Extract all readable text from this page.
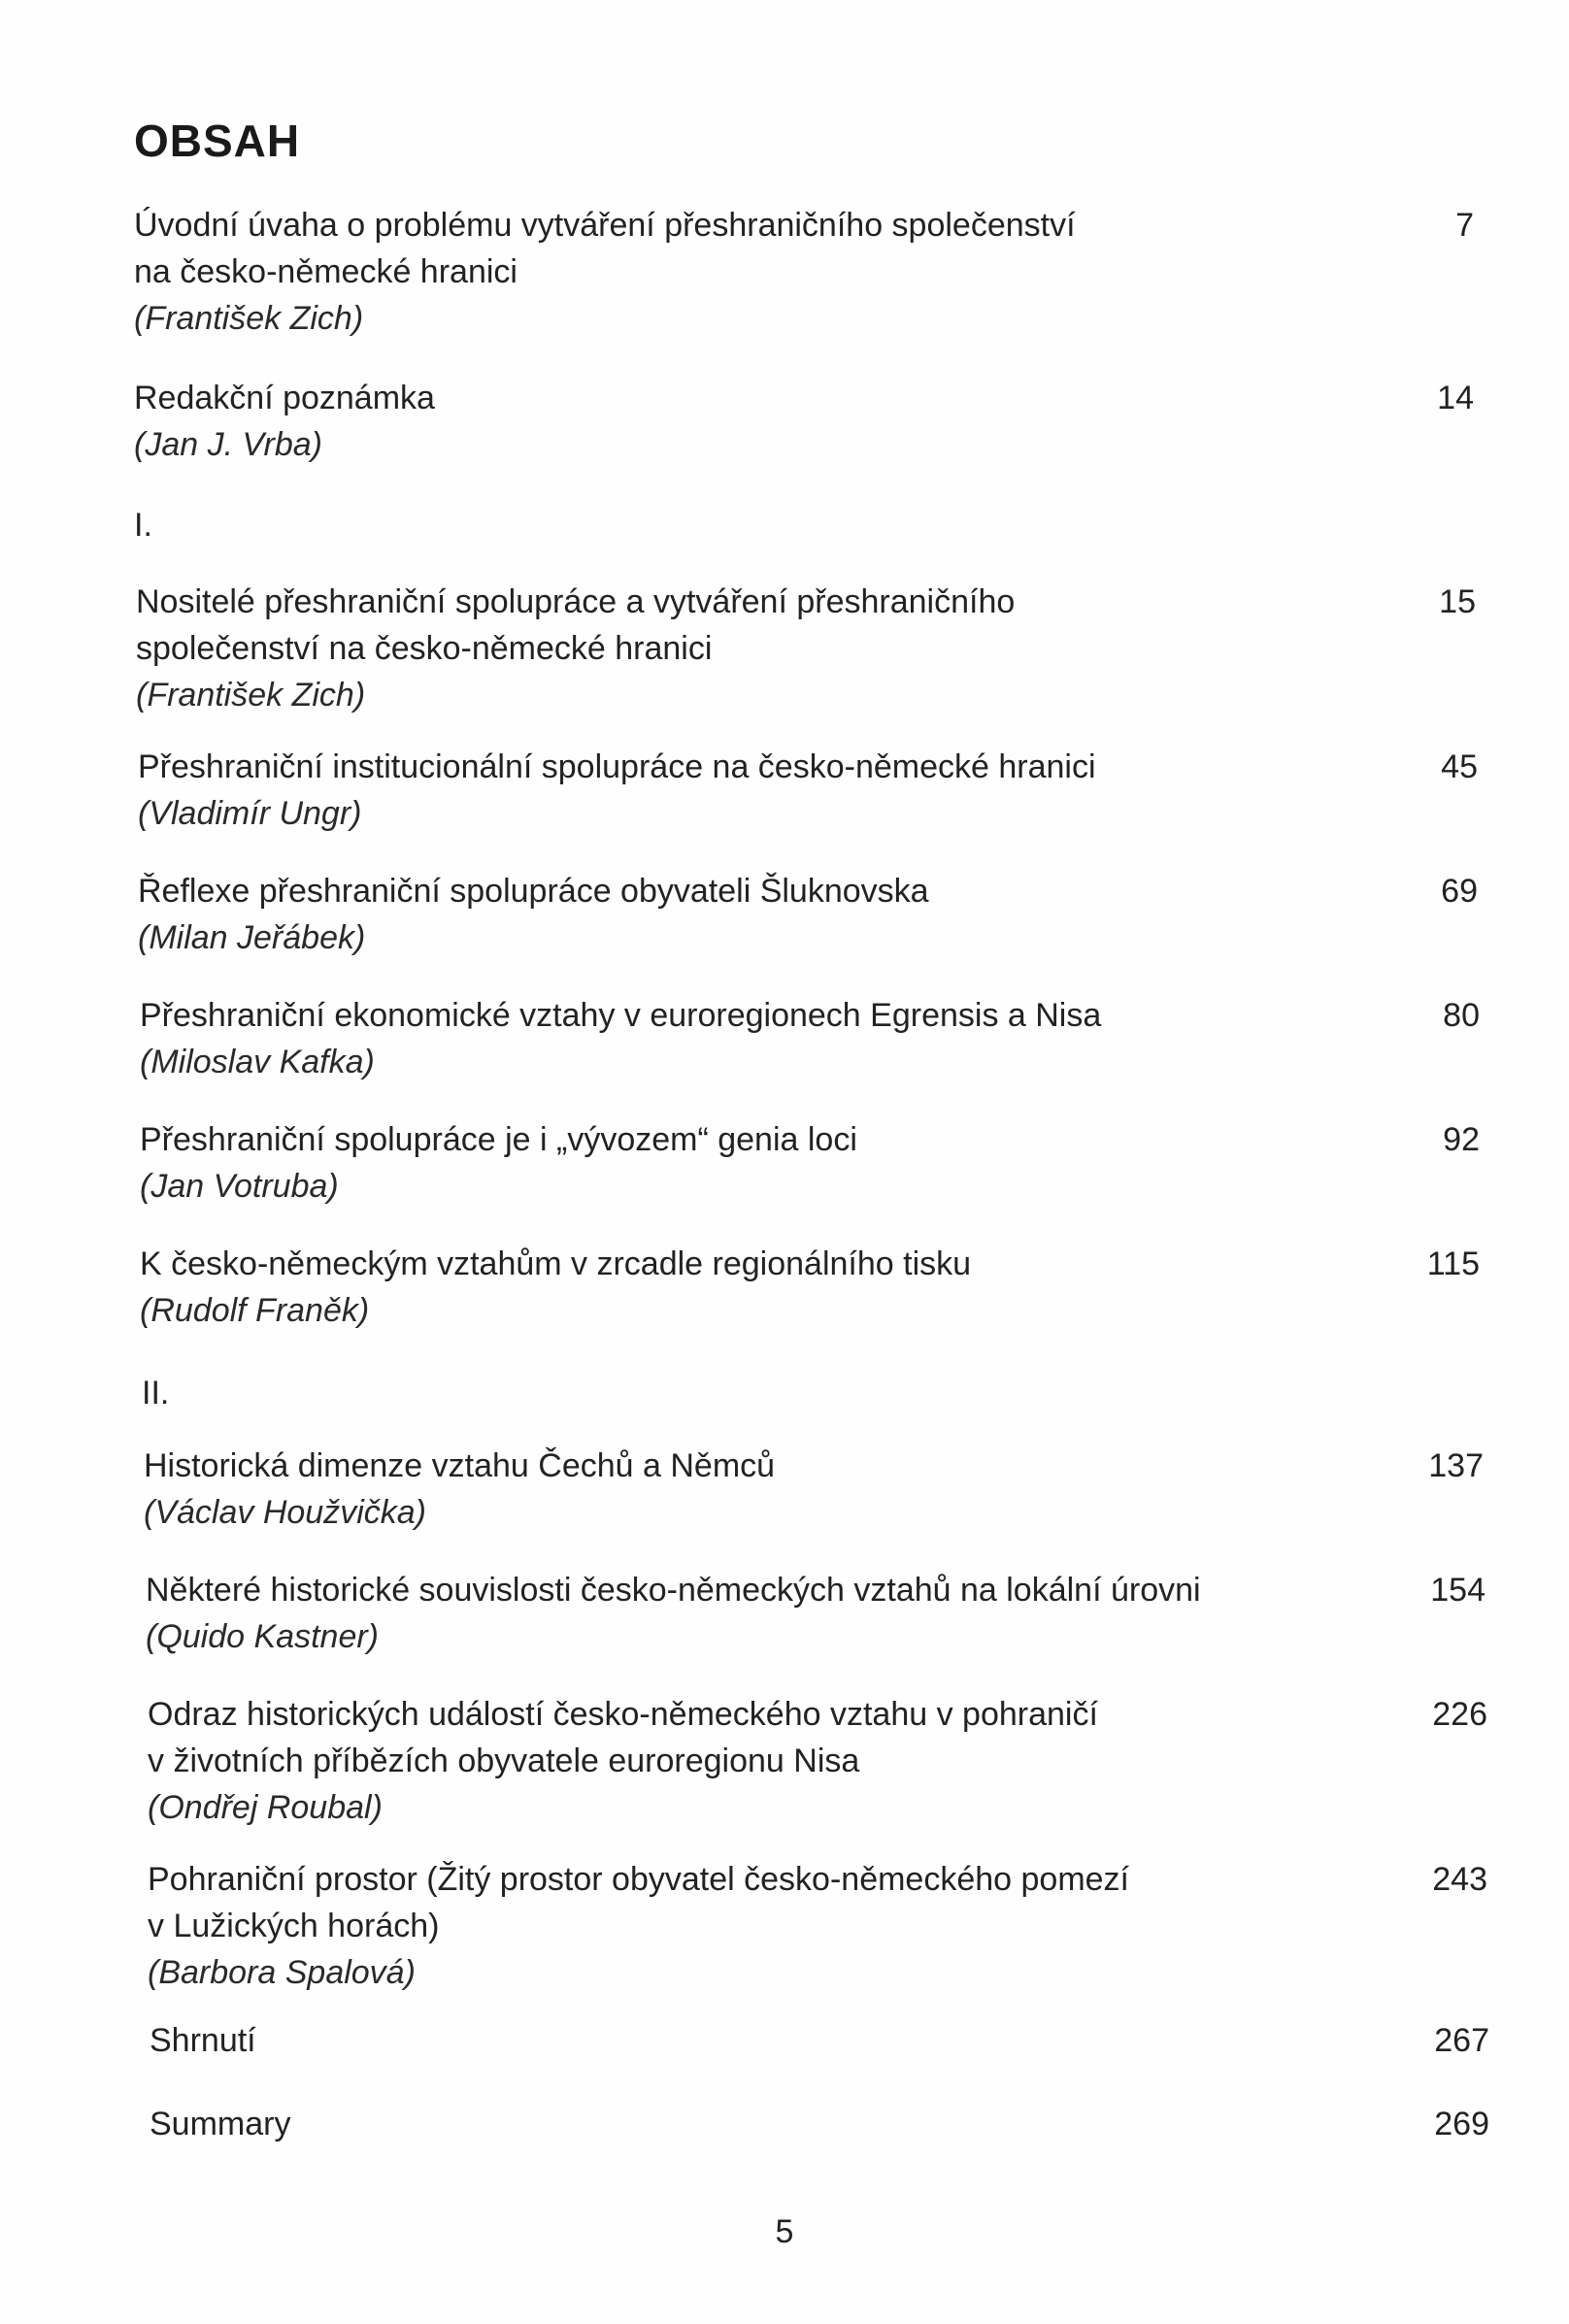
OBSAH
Úvodní úvaha o problému vytváření přeshraničního společenství
na česko-německé hranici
(František Zich)
7
Redakční poznámka
(Jan J. Vrba)
14
I.
Nositelé přeshraniční spolupráce a vytváření přeshraničního
společenství na česko-německé hranici
(František Zich)
15
Přeshraniční institucionální spolupráce na česko-německé hranici
(Vladimír Ungr)
45
Řeflexe přeshraniční spolupráce obyvateli Šluknovska
(Milan Jeřábek)
69
Přeshraniční ekonomické vztahy v euroregionech Egrensis a Nisa
(Miloslav Kafka)
80
Přeshraniční spolupráce je i „vývozem“ genia loci
(Jan Votruba)
92
K česko-německým vztahům v zrcadle regionálního tisku
(Rudolf Franěk)
115
II.
Historická dimenze vztahu Čechů a Němců
(Václav Houžvička)
137
Některé historické souvislosti česko-německých vztahů na lokální úrovni
(Quido Kastner)
154
Odraz historických událostí česko-německého vztahu v pohraničí
v životních příbězích obyvatele euroregionu Nisa
(Ondřej Roubal)
226
Pohraniční prostor (Žitý prostor obyvatel česko-německého pomezí
v Lužických horách)
(Barbora Spalová)
243
Shrnutí	267
Summary	269
5
